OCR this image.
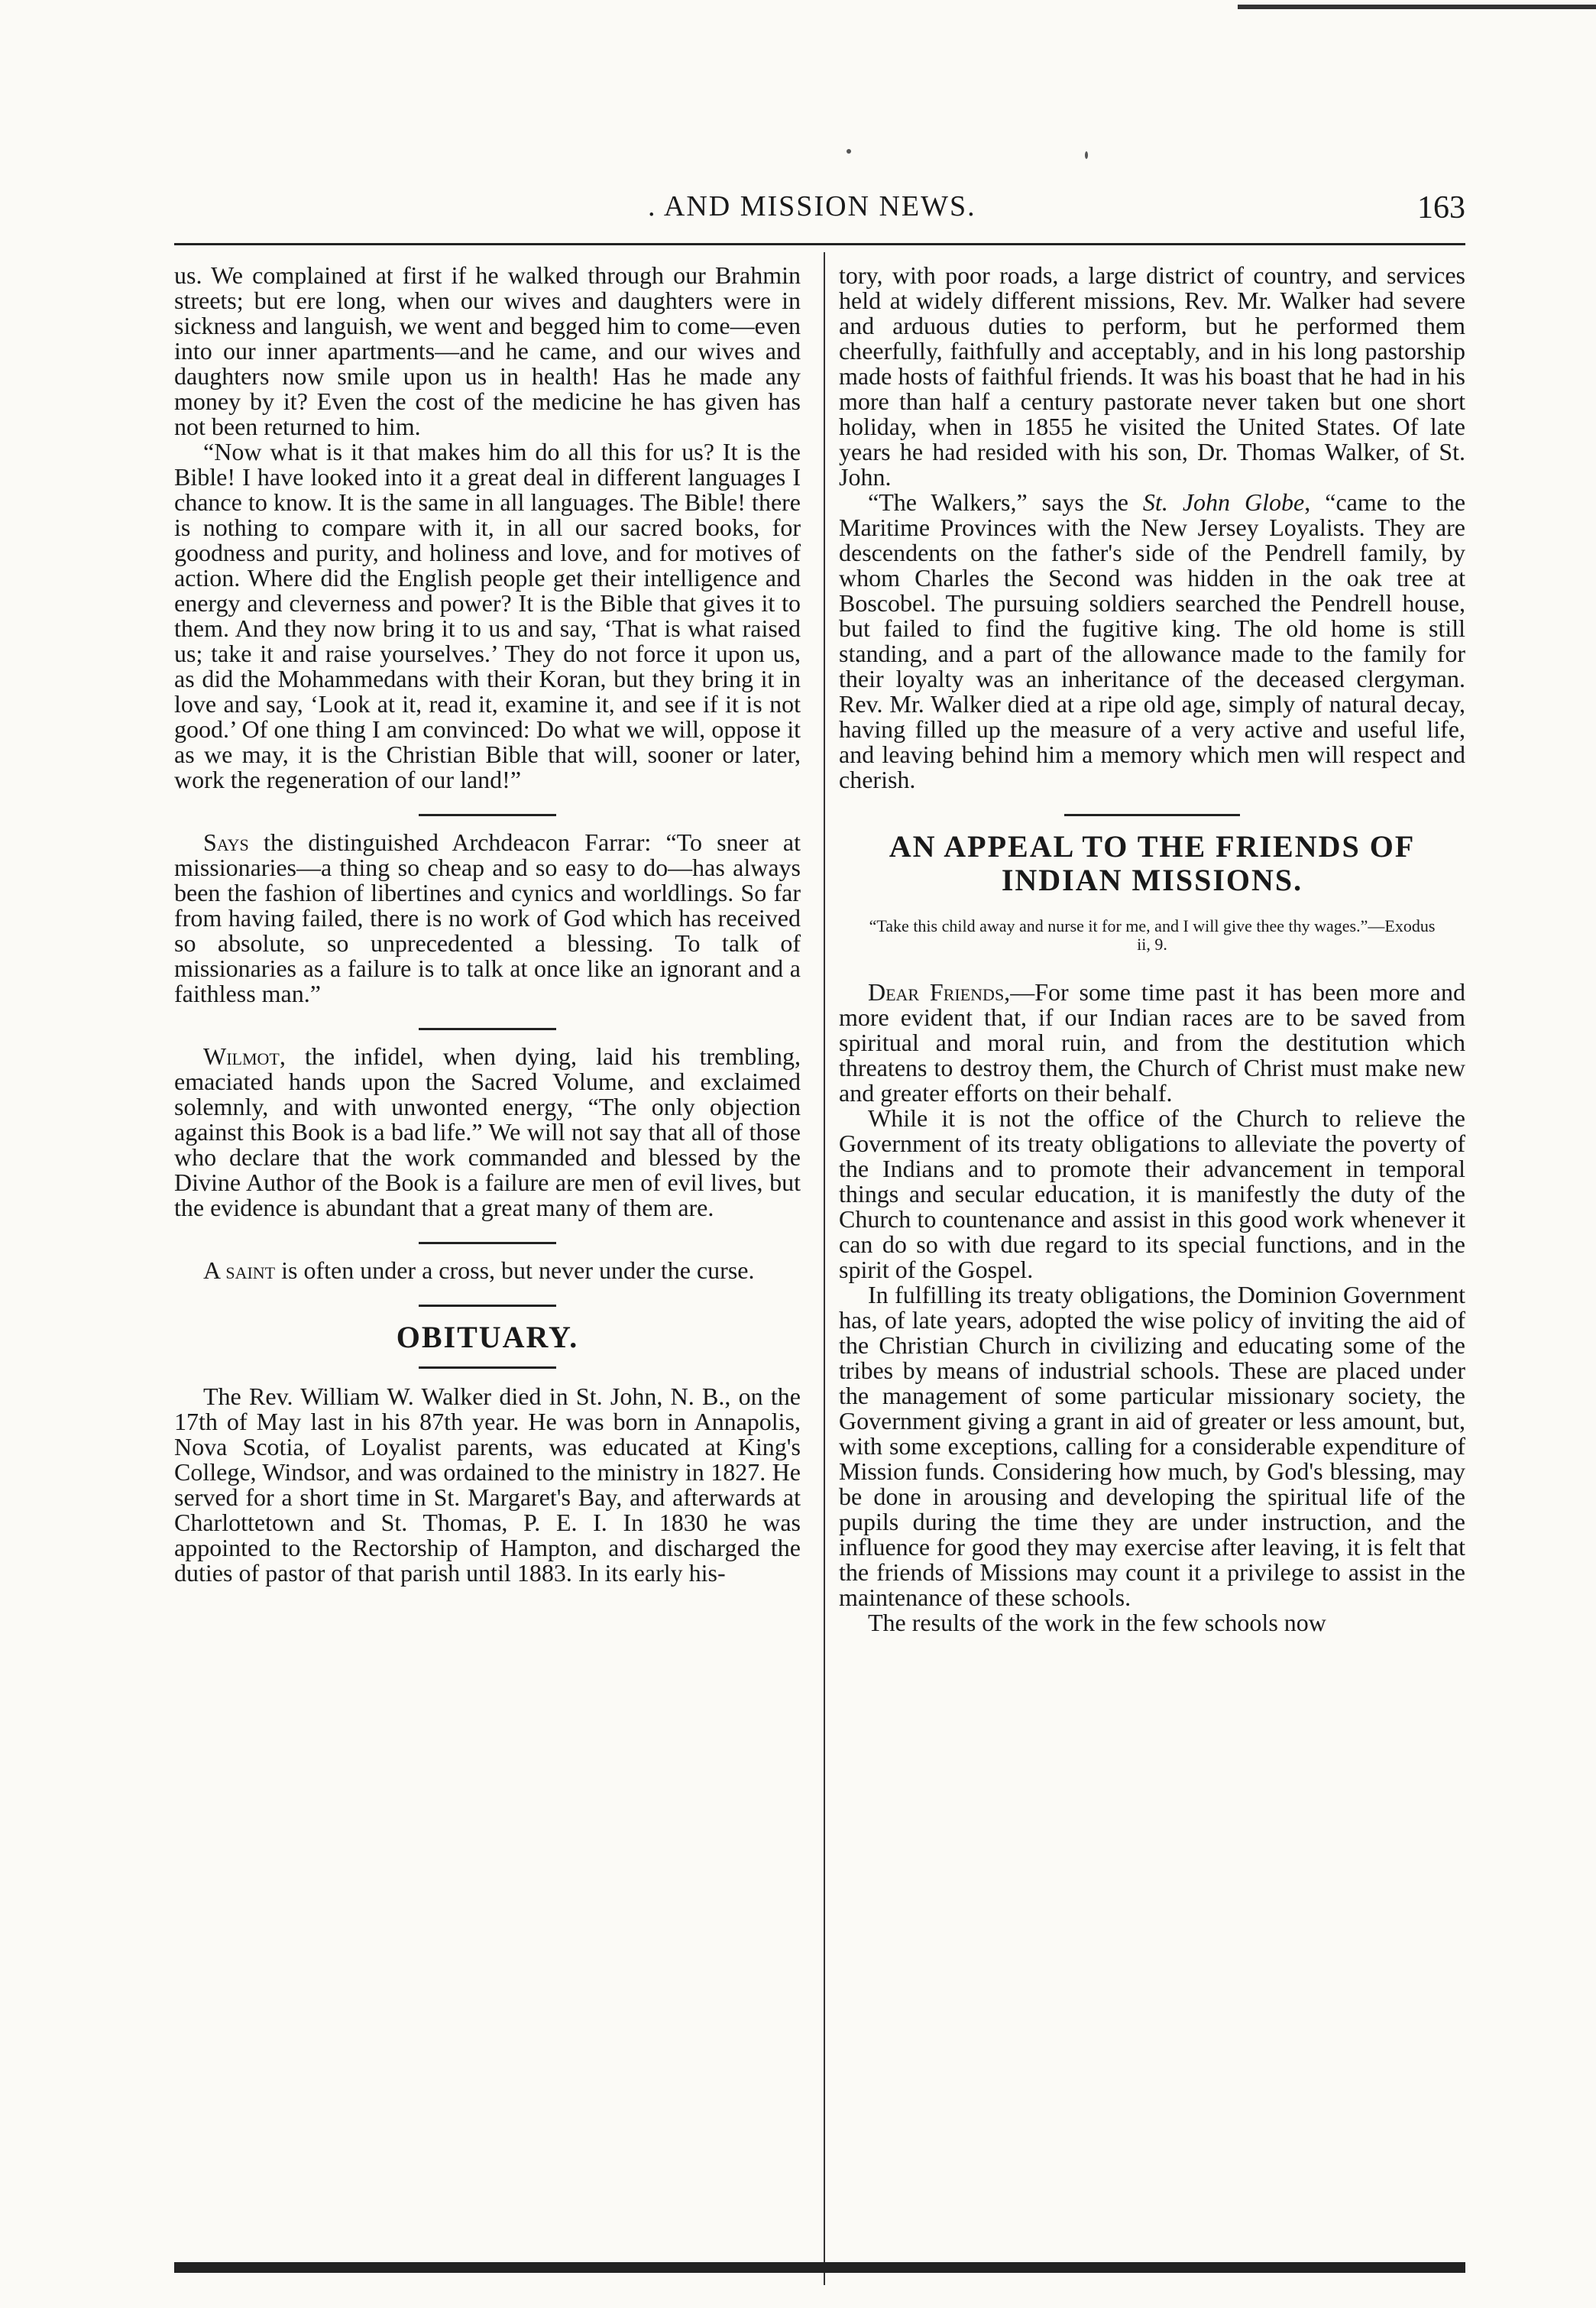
. AND MISSION NEWS.	163

us. We complained at first if he walked through our Brahmin streets; but ere long, when our wives and daughters were in sickness and languish, we went and begged him to come—even into our inner apartments—and he came, and our wives and daughters now smile upon us in health! Has he made any money by it? Even the cost of the medicine he has given has not been returned to him.

“Now what is it that makes him do all this for us? It is the Bible! I have looked into it a great deal in different languages I chance to know. It is the same in all languages. The Bible! there is nothing to compare with it, in all our sacred books, for goodness and purity, and holiness and love, and for motives of action. Where did the English people get their intelligence and energy and cleverness and power? It is the Bible that gives it to them. And they now bring it to us and say, ‘That is what raised us; take it and raise yourselves.’ They do not force it upon us, as did the Mohammedans with their Koran, but they bring it in love and say, ‘Look at it, read it, examine it, and see if it is not good.’ Of one thing I am convinced: Do what we will, oppose it as we may, it is the Christian Bible that will, sooner or later, work the regeneration of our land!”

Says the distinguished Archdeacon Farrar: “To sneer at missionaries—a thing so cheap and so easy to do—has always been the fashion of libertines and cynics and worldlings. So far from having failed, there is no work of God which has received so absolute, so unprecedented a blessing. To talk of missionaries as a failure is to talk at once like an ignorant and a faithless man.”

Wilmot, the infidel, when dying, laid his trembling, emaciated hands upon the Sacred Volume, and exclaimed solemnly, and with unwonted energy, “The only objection against this Book is a bad life.” We will not say that all of those who declare that the work commanded and blessed by the Divine Author of the Book is a failure are men of evil lives, but the evidence is abundant that a great many of them are.

A saint is often under a cross, but never under the curse.

OBITUARY.

The Rev. William W. Walker died in St. John, N. B., on the 17th of May last in his 87th year. He was born in Annapolis, Nova Scotia, of Loyalist parents, was educated at King's College, Windsor, and was ordained to the ministry in 1827. He served for a short time in St. Margaret's Bay, and afterwards at Charlottetown and St. Thomas, P. E. I. In 1830 he was appointed to the Rectorship of Hampton, and discharged the duties of pastor of that parish until 1883. In its early his-

tory, with poor roads, a large district of country, and services held at widely different missions, Rev. Mr. Walker had severe and arduous duties to perform, but he performed them cheerfully, faithfully and acceptably, and in his long pastorship made hosts of faithful friends. It was his boast that he had in his more than half a century pastorate never taken but one short holiday, when in 1855 he visited the United States. Of late years he had resided with his son, Dr. Thomas Walker, of St. John.

“The Walkers,” says the St. John Globe, “came to the Maritime Provinces with the New Jersey Loyalists. They are descendents on the father's side of the Pendrell family, by whom Charles the Second was hidden in the oak tree at Boscobel. The pursuing soldiers searched the Pendrell house, but failed to find the fugitive king. The old home is still standing, and a part of the allowance made to the family for their loyalty was an inheritance of the deceased clergyman. Rev. Mr. Walker died at a ripe old age, simply of natural decay, having filled up the measure of a very active and useful life, and leaving behind him a memory which men will respect and cherish.

AN APPEAL TO THE FRIENDS OF
INDIAN MISSIONS.

“Take this child away and nurse it for me, and I will give thee thy wages.”—Exodus ii, 9.

Dear Friends,—For some time past it has been more and more evident that, if our Indian races are to be saved from spiritual and moral ruin, and from the destitution which threatens to destroy them, the Church of Christ must make new and greater efforts on their behalf.

While it is not the office of the Church to relieve the Government of its treaty obligations to alleviate the poverty of the Indians and to promote their advancement in temporal things and secular education, it is manifestly the duty of the Church to countenance and assist in this good work whenever it can do so with due regard to its special functions, and in the spirit of the Gospel.

In fulfilling its treaty obligations, the Dominion Government has, of late years, adopted the wise policy of inviting the aid of the Christian Church in civilizing and educating some of the tribes by means of industrial schools. These are placed under the management of some particular missionary society, the Government giving a grant in aid of greater or less amount, but, with some exceptions, calling for a considerable expenditure of Mission funds. Considering how much, by God's blessing, may be done in arousing and developing the spiritual life of the pupils during the time they are under instruction, and the influence for good they may exercise after leaving, it is felt that the friends of Missions may count it a privilege to assist in the maintenance of these schools.

The results of the work in the few schools now
